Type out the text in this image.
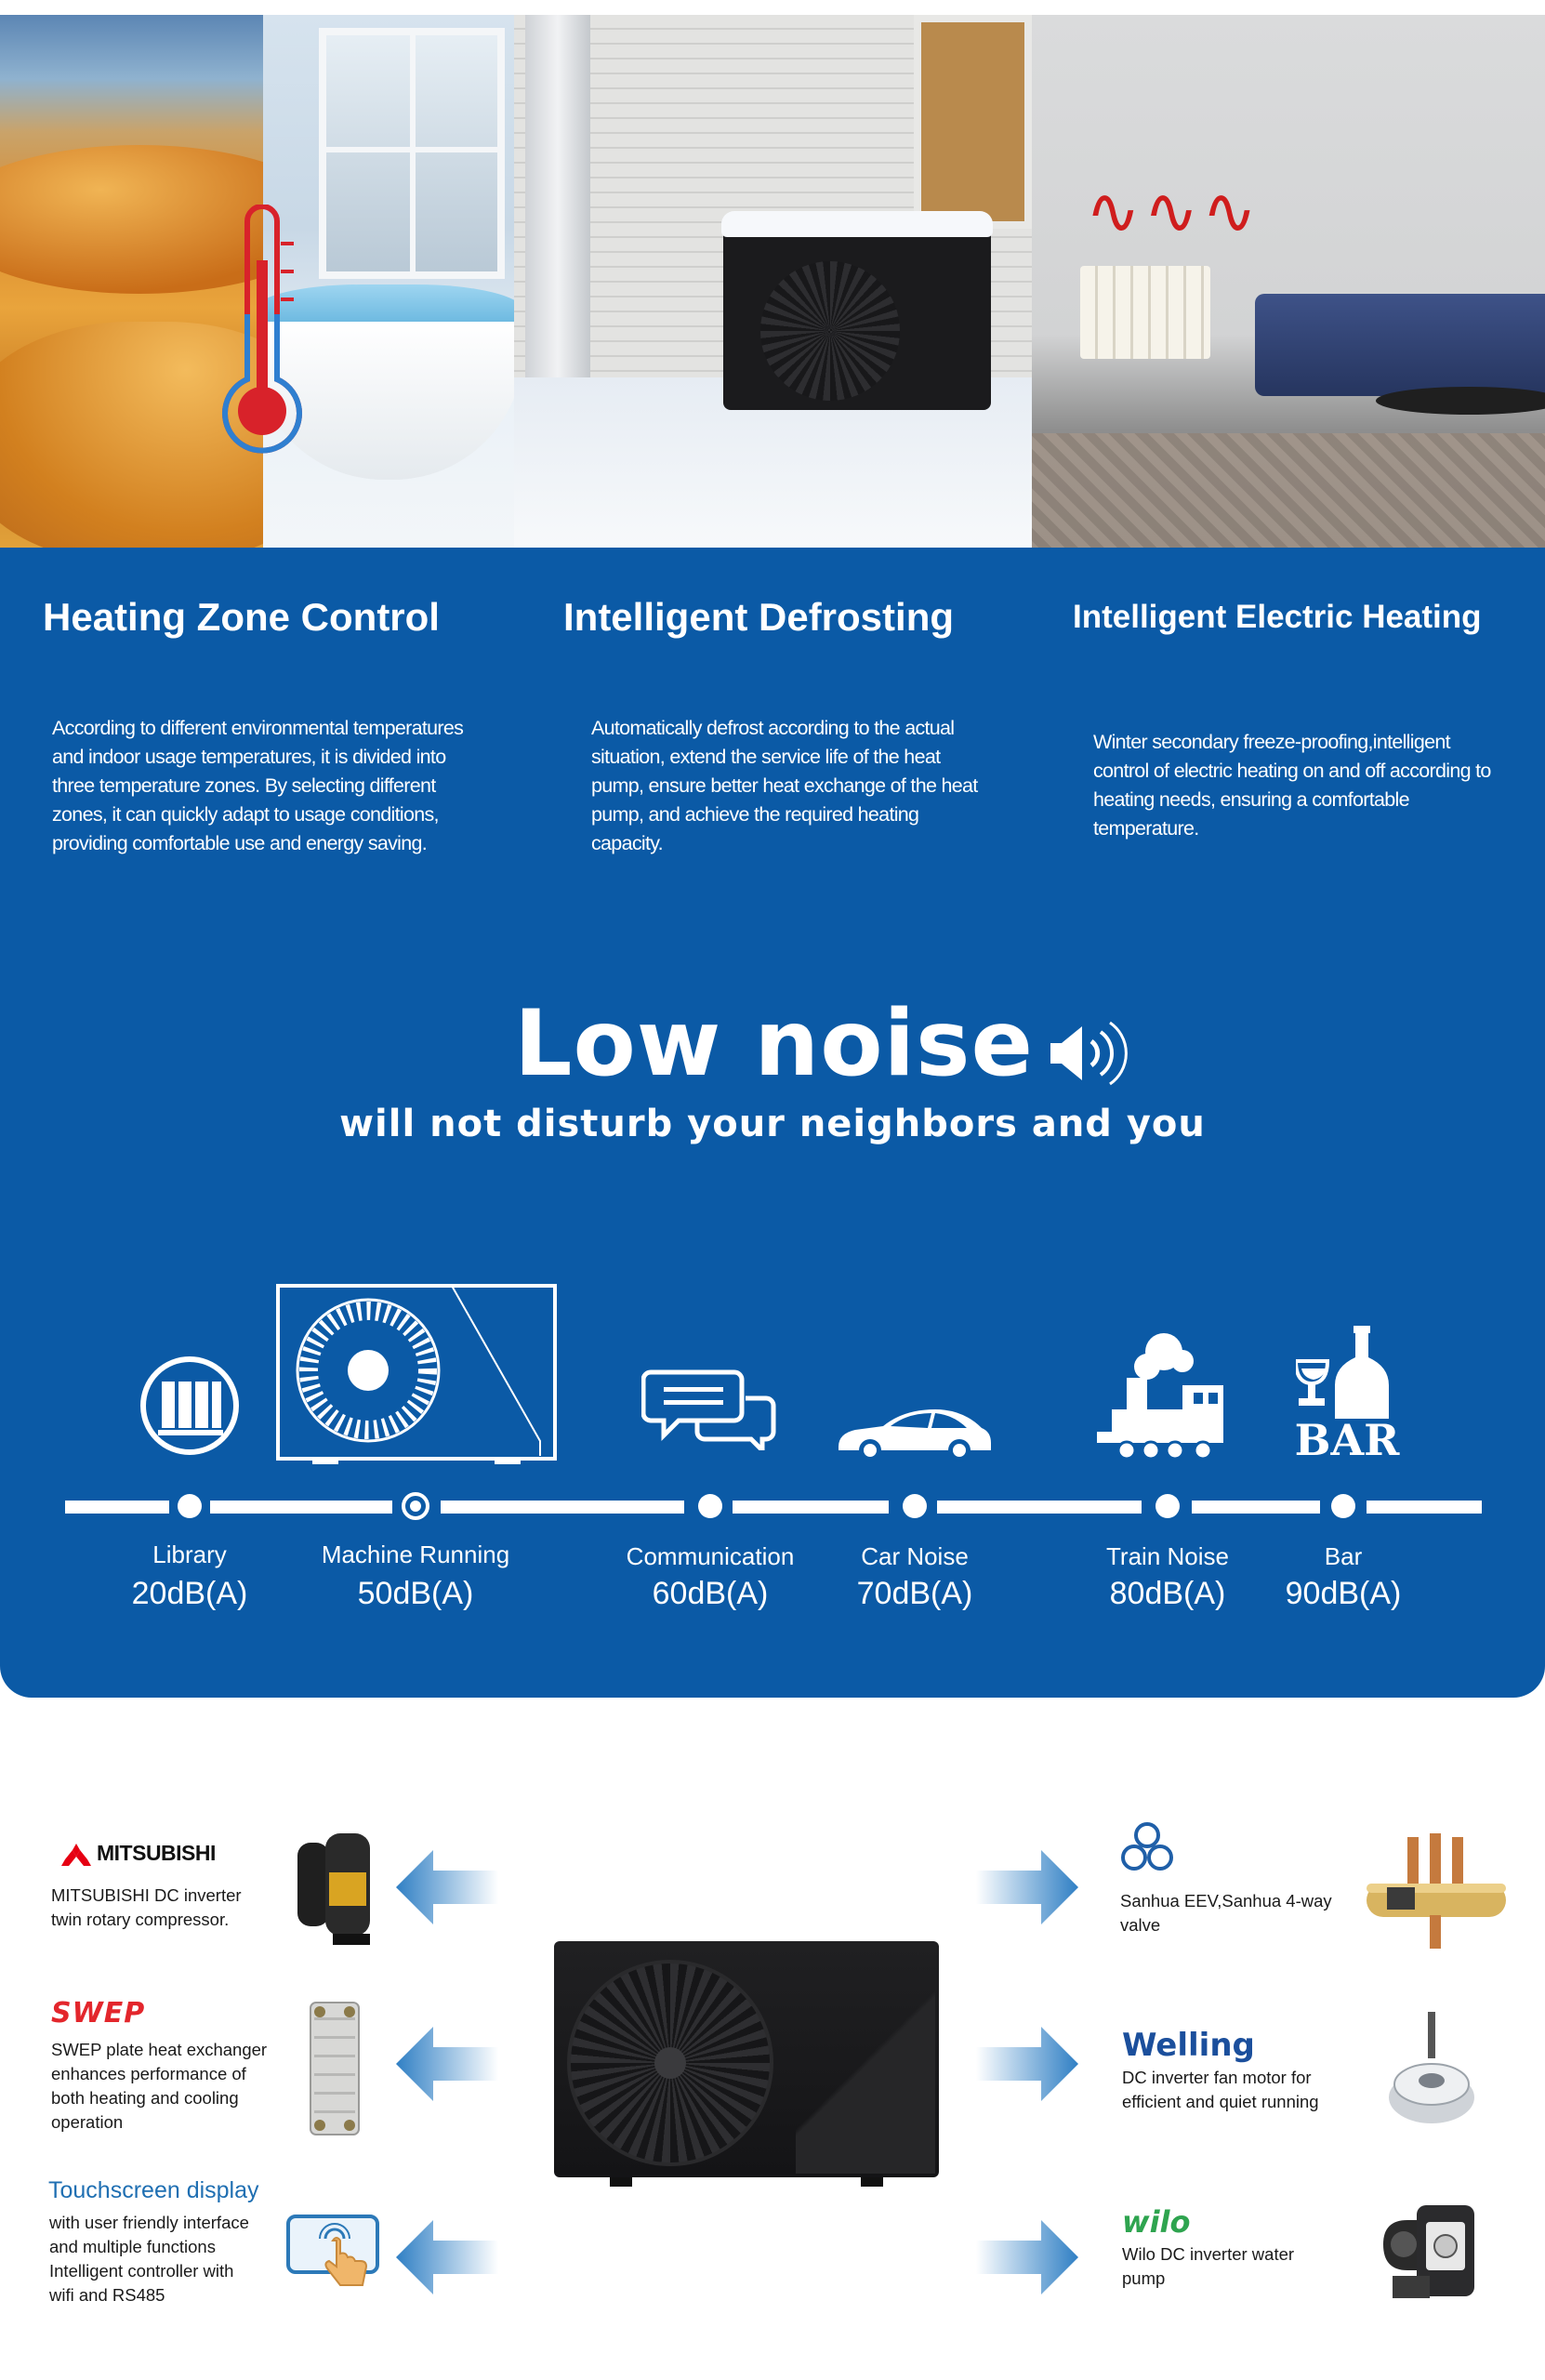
∿∿∿
Heating Zone Control	Intelligent Defrosting	Intelligent Electric Heating
According to different environmental temperatures and indoor usage temperatures, it is divided into three temperature zones. By selecting different zones, it can quickly adapt to usage conditions, providing comfortable use and energy saving.
Automatically defrost according to the actual situation, extend the service life of the heat pump, ensure better heat exchange of the heat pump, and achieve the required heating capacity.
Winter secondary freeze-proofing,intelligent control of electric heating on and off according to heating needs, ensuring a comfortable temperature.
Low noise
will not disturb your neighbors and you
BAR
Library	Machine Running	Communication	Car Noise	Train Noise	Bar
20dB(A)	50dB(A)	60dB(A)	70dB(A)	80dB(A)	90dB(A)
MITSUBISHI
MITSUBISHI DC inverter
twin rotary compressor.
SWEP
SWEP plate heat exchanger
enhances performance of
both heating and cooling
operation
Touchscreen display
with user friendly interface
and multiple functions
Intelligent controller with
wifi and RS485
Sanhua EEV,Sanhua 4-way
valve
Welling
DC inverter fan motor for
efficient and quiet running
wilo
Wilo DC inverter water
pump
